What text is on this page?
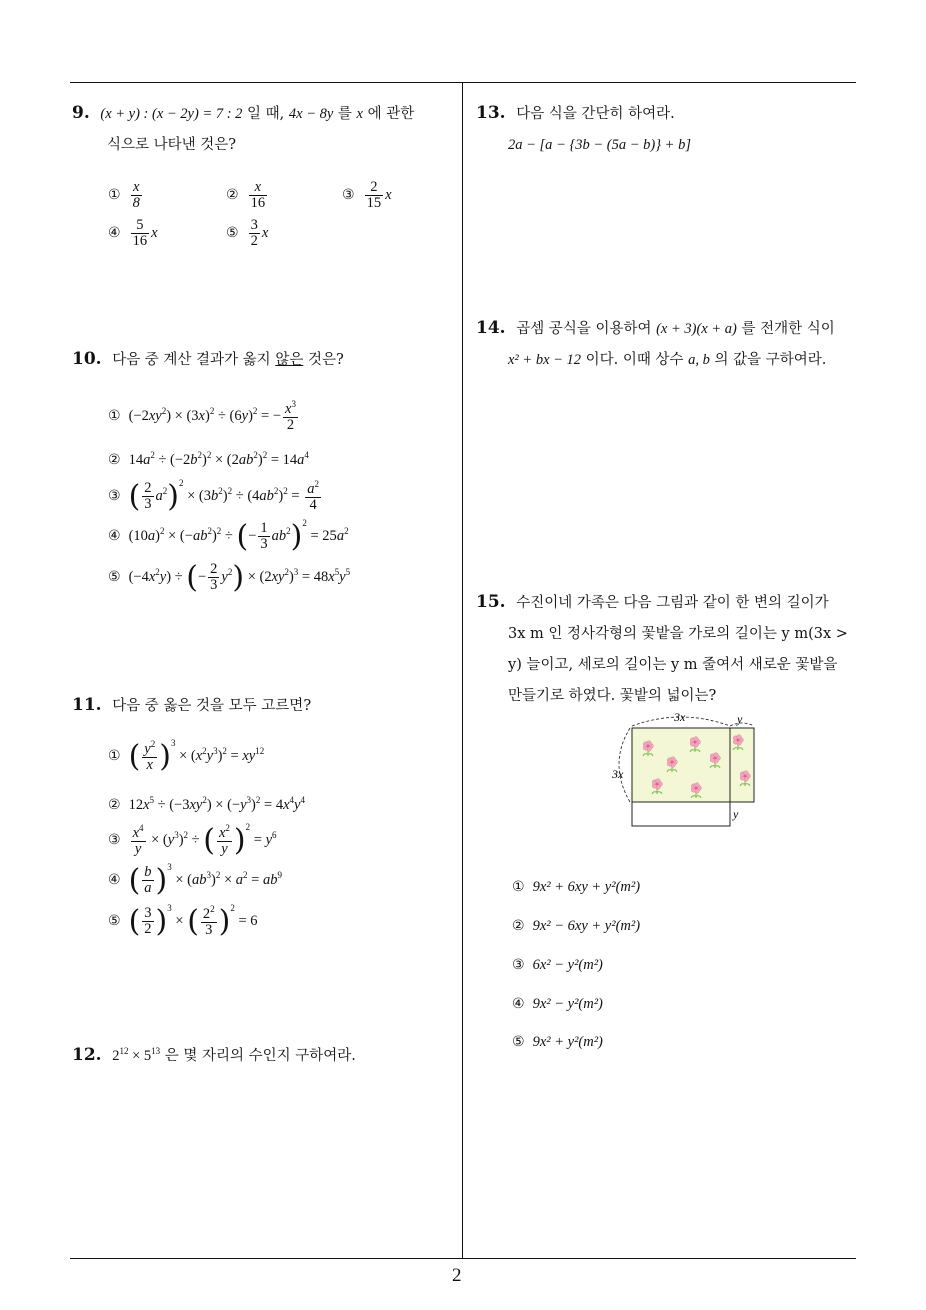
9. (x + y) : (x − 2y) = 7 : 2 일 때, 4x − 8y 를 x 에 관한
식으로 나타낸 것은?
① $\frac{x}{8}$	② $\frac{x}{16}$	③ $\frac{2}{15}$ x
④ $\frac{5}{16}$ x	⑤ $\frac{3}{2}$ x
10. 다음 중 계산 결과가 옳지 않은 것은?
① $(-2xy^2) \times (3x)^2 \div (6y)^2$ = − $\frac{x^3}{2}$
② $14a^2 \div (-2b^2)^2 \times (2ab^2)^2 = 14a^4$
③ ( $\frac{2}{3} a^2)^2 \times (3b^2)^2 \div (4ab^2)^2 = \frac{a^2}{4}$
④ $(10a)^2 \times (-ab^2)^2$ ÷ (− $\frac{1}{3} ab^2)^2 = 25a^2$
⑤ $(-4x^2y)$ ÷ (− $\frac{2}{3} y^2) \times (2xy^2)^3 = 48x^5y^5$
11. 다음 중 옳은 것을 모두 고르면?
① ( $\frac{y^2}{x} )^3 \times (x^2y^3)^2 = xy^{12}$
② $12x^5 \div (-3xy^2) \times (-y^3)^2 = 4x^4y^4$
③ $\frac{x^4}{y} \times (y^3)^2$ ÷ ( $\frac{x^2}{y} )^2 = y^6$
④ ( $\frac{b}{a} )^3 \times (ab^3)^2 \times a^2 = ab^9$
⑤ ( $\frac{3}{2} )^3$ × ( $\frac{2^2}{3} )^2 = 6$
12. $2^{12} \times 5^{13}$ 은 몇 자리의 수인지 구하여라.
13. 다음 식을 간단히 하여라.
2a − [a − {3b − (5a − b)} + b]
14. 곱셈 공식을 이용하여 (x + 3)(x + a) 를 전개한 식이
x² + bx − 12 이다. 이때 상수 a, b 의 값을 구하여라.
15. 수진이네 가족은 다음 그림과 같이 한 변의 길이가
3x m 인 정사각형의 꽃밭을 가로의 길이는 y m(3x >
y) 늘이고, 세로의 길이는 y m 줄여서 새로운 꽃밭을
만들기로 하였다. 꽃밭의 넓이는?
3x	y
3x
y
① 9x² + 6xy + y²(m²)
② 9x² − 6xy + y²(m²)
③ 6x² − y²(m²)
④ 9x² − y²(m²)
⑤ 9x² + y²(m²)
2
